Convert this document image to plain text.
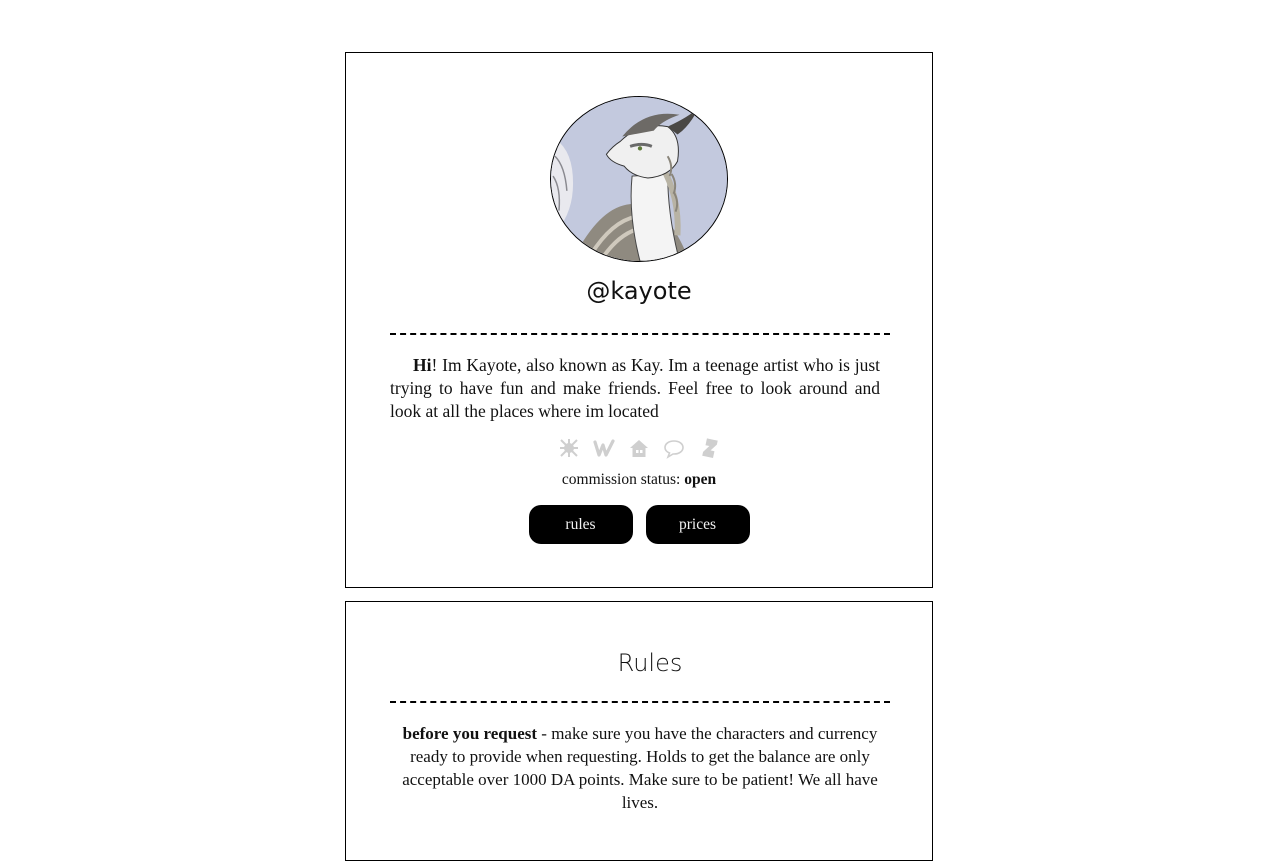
@kayote
Hi! Im Kayote, also known as Kay. Im a teenage artist who is just trying to have fun and make friends. Feel free to look around and look at all the places where im located
commission status: open
rules	prices
Rules
before you request - make sure you have the characters and currency ready to provide when requesting. Holds to get the balance are only acceptable over 1000 DA points. Make sure to be patient! We all have lives.
